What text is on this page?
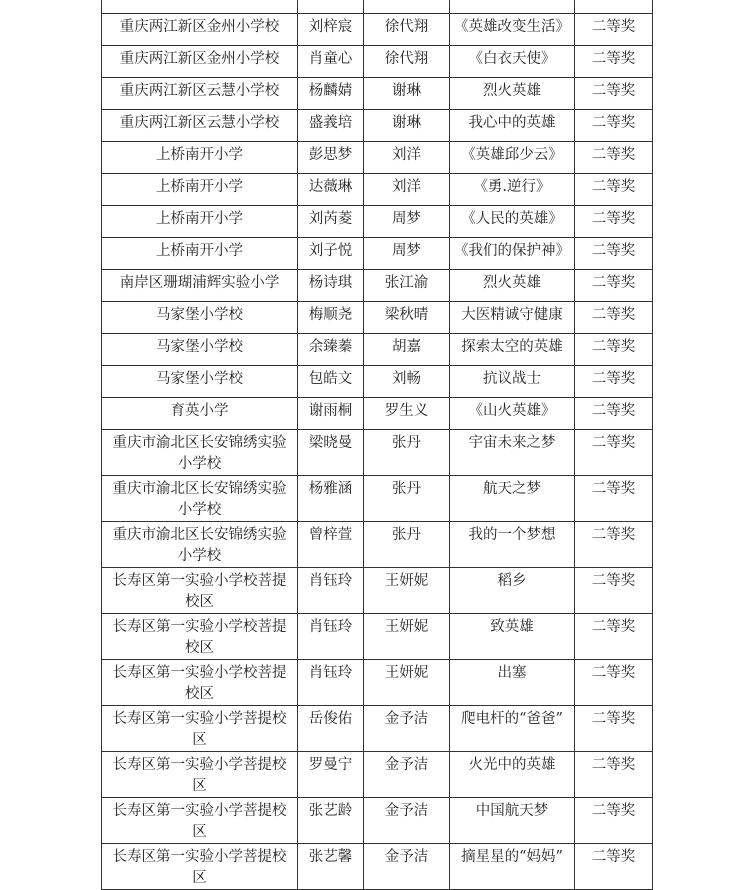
重庆两江新区金州小学校	刘梓宸	徐代翔	《英雄改变生活》	二等奖
重庆两江新区金州小学校	肖童心	徐代翔	《白衣天使》	二等奖
重庆两江新区云慧小学校	杨麟婧	谢琳	烈火英雄	二等奖
重庆两江新区云慧小学校	盛義培	谢琳	我心中的英雄	二等奖
上桥南开小学	彭思梦	刘洋	《英雄邱少云》	二等奖
上桥南开小学	达薇琳	刘洋	《勇.逆行》	二等奖
上桥南开小学	刘芮菱	周梦	《人民的英雄》	二等奖
上桥南开小学	刘子悦	周梦	《我们的保护神》	二等奖
南岸区珊瑚浦辉实验小学	杨诗琪	张江渝	烈火英雄	二等奖
马家堡小学校	梅顺尧	梁秋晴	大医精诚守健康	二等奖
马家堡小学校	余臻蓁	胡嘉	探索太空的英雄	二等奖
马家堡小学校	包皓文	刘畅	抗议战士	二等奖
育英小学	谢雨桐	罗生义	《山火英雄》	二等奖
重庆市渝北区长安锦绣实验小学校	梁晓曼	张丹	宇宙未来之梦	二等奖
重庆市渝北区长安锦绣实验小学校	杨雅涵	张丹	航天之梦	二等奖
重庆市渝北区长安锦绣实验小学校	曾梓萱	张丹	我的一个梦想	二等奖
长寿区第一实验小学校菩提校区	肖钰玲	王妍妮	稻乡	二等奖
长寿区第一实验小学校菩提校区	肖钰玲	王妍妮	致英雄	二等奖
长寿区第一实验小学校菩提校区	肖钰玲	王妍妮	出塞	二等奖
长寿区第一实验小学菩提校区	岳俊佑	金予洁	爬电杆的“爸爸”	二等奖
长寿区第一实验小学菩提校区	罗曼宁	金予洁	火光中的英雄	二等奖
长寿区第一实验小学菩提校区	张艺龄	金予洁	中国航天梦	二等奖
长寿区第一实验小学菩提校区	张艺馨	金予洁	摘星星的“妈妈”	二等奖
